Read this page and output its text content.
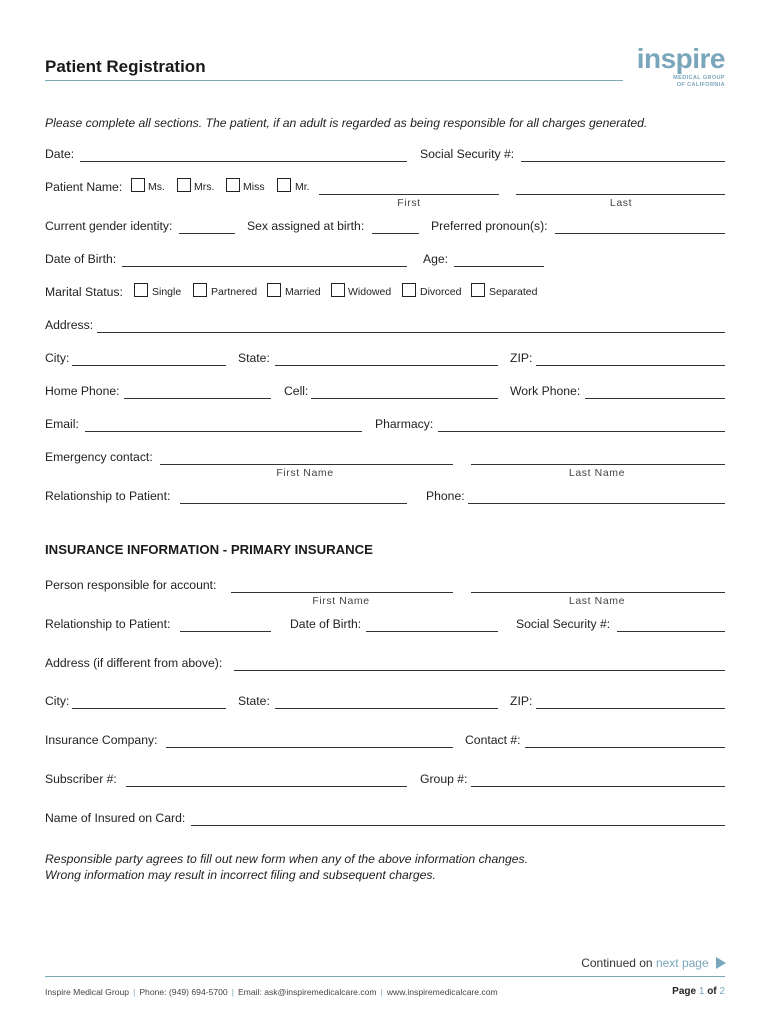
Patient Registration	inspire
MEDICAL GROUP
OF CALIFORNIA
Please complete all sections. The patient, if an adult is regarded as being responsible for all charges generated.
Date:	Social Security #:
Patient Name: Ms.	Mrs.	Miss	Mr.
First	Last
Current gender identity:	Sex assigned at birth:	Preferred pronoun(s):
Date of Birth:	Age:
Marital Status:	Single	Partnered	Married	Widowed	Divorced	Separated
Address:
City:	State:	ZIP:
Home Phone:	Cell:	Work Phone:
Email:	Pharmacy:
Emergency contact:
First Name	Last Name
Relationship to Patient:	Phone:
INSURANCE INFORMATION - PRIMARY INSURANCE
Person responsible for account:
First Name	Last Name
Relationship to Patient:	Date of Birth:	Social Security #:
Address (if different from above):
City:	State:	ZIP:
Insurance Company:	Contact #:
Subscriber #:	Group #:
Name of Insured on Card:
Responsible party agrees to fill out new form when any of the above information changes.
Wrong information may result in incorrect filing and subsequent charges.
Continued on next page
Inspire Medical Group | Phone: (949) 694-5700 | Email: ask@inspiremedicalcare.com | www.inspiremedicalcare.com	Page 1 of 2
